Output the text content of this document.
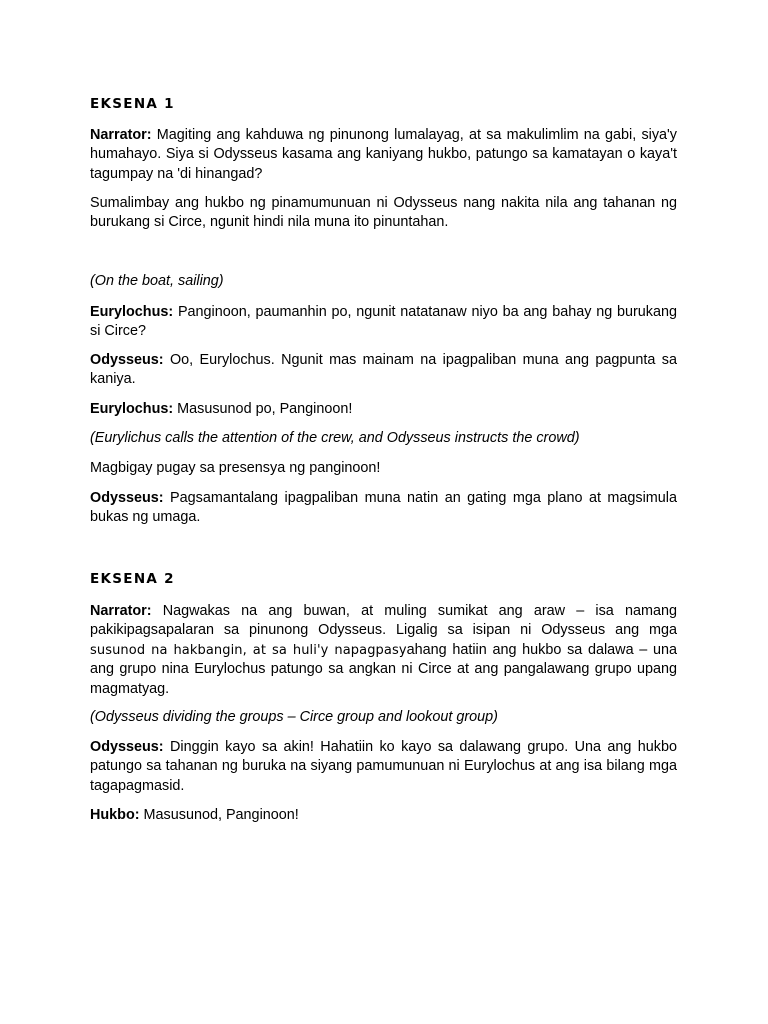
EKSENA 1

Narrator: Magiting ang kahduwa ng pinunong lumalayag, at sa makulimlim na gabi, siya'y humahayo. Siya si Odysseus kasama ang kaniyang hukbo, patungo sa kamatayan o kaya't tagumpay na 'di hinangad?

Sumalimbay ang hukbo ng pinamumunuan ni Odysseus nang nakita nila ang tahanan ng burukang si Circe, ngunit hindi nila muna ito pinuntahan.

(On the boat, sailing)

Eurylochus: Panginoon, paumanhin po, ngunit natatanaw niyo ba ang bahay ng burukang si Circe?

Odysseus: Oo, Eurylochus. Ngunit mas mainam na ipagpaliban muna ang pagpunta sa kaniya.

Eurylochus: Masusunod po, Panginoon!

(Eurylichus calls the attention of the crew, and Odysseus instructs the crowd)

Magbigay pugay sa presensya ng panginoon!

Odysseus: Pagsamantalang ipagpaliban muna natin an gating mga plano at magsimula bukas ng umaga.

EKSENA 2

Narrator: Nagwakas na ang buwan, at muling sumikat ang araw – isa namang pakikipagsapalaran sa pinunong Odysseus. Ligalig sa isipan ni Odysseus ang mga susunod na hakbangin, at sa huli'y napagpasyahang hatiin ang hukbo sa dalawa – una ang grupo nina Eurylochus patungo sa angkan ni Circe at ang pangalawang grupo upang magmatyag.

(Odysseus dividing the groups – Circe group and lookout group)

Odysseus: Dinggin kayo sa akin! Hahatiin ko kayo sa dalawang grupo. Una ang hukbo patungo sa tahanan ng buruka na siyang pamumunuan ni Eurylochus at ang isa bilang mga tagapagmasid.

Hukbo: Masusunod, Panginoon!
